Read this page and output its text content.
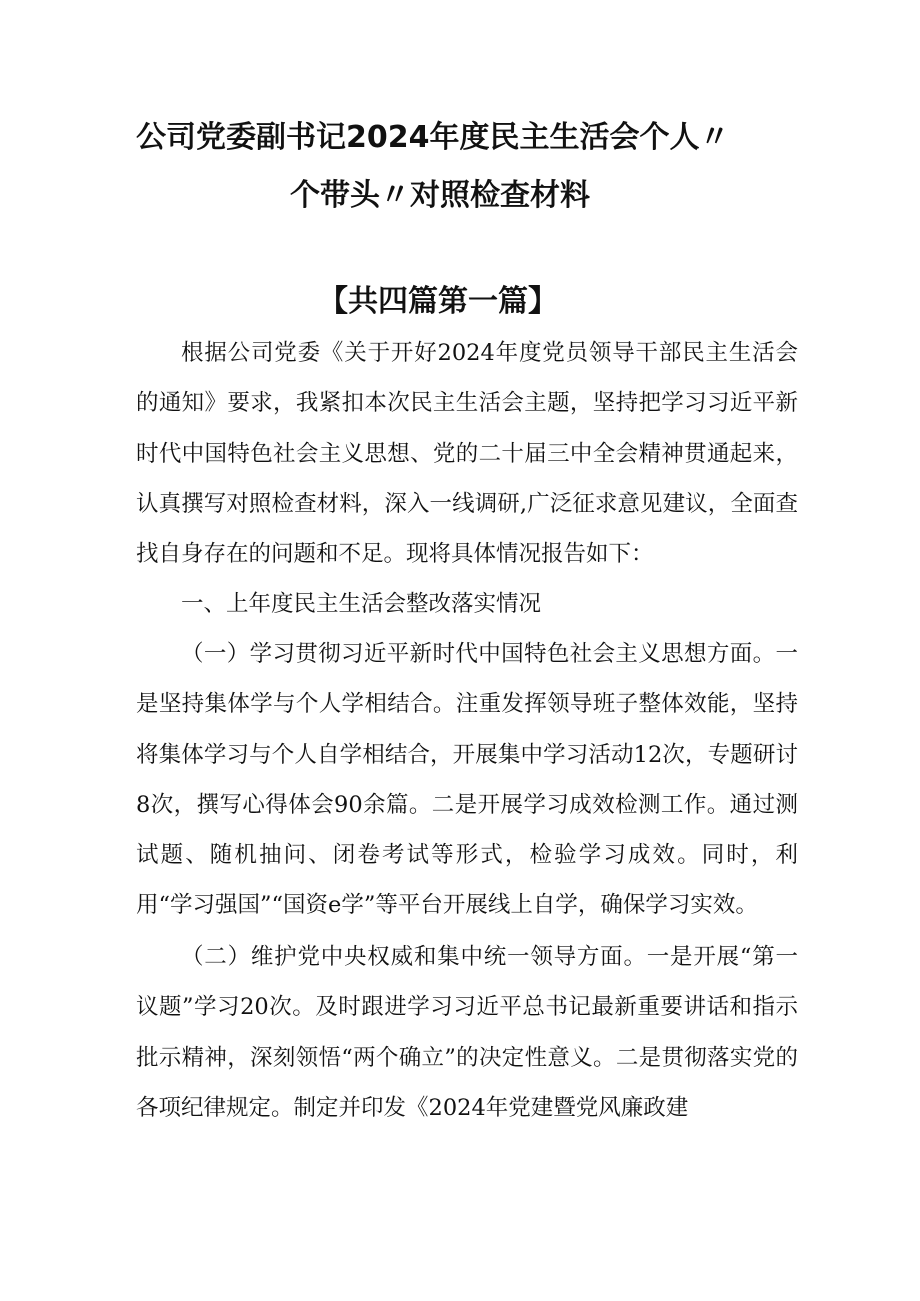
公司党委副书记2024年度民主生活会个人〃
个带头〃对照检查材料
【共四篇第一篇】

根据公司党委《关于开好2024年度党员领导干部民主生活会的通知》要求，我紧扣本次民主生活会主题，坚持把学习习近平新时代中国特色社会主义思想、党的二十届三中全会精神贯通起来，认真撰写对照检查材料，深入一线调研,广泛征求意见建议，全面查找自身存在的问题和不足。现将具体情况报告如下：

一、上年度民主生活会整改落实情况

（一）学习贯彻习近平新时代中国特色社会主义思想方面。一是坚持集体学与个人学相结合。注重发挥领导班子整体效能，坚持将集体学习与个人自学相结合，开展集中学习活动12次，专题研讨8次，撰写心得体会90余篇。二是开展学习成效检测工作。通过测试题、随机抽问、闭卷考试等形式，检验学习成效。同时，利用“学习强国”“国资e学”等平台开展线上自学，确保学习实效。

（二）维护党中央权威和集中统一领导方面。一是开展“第一议题”学习20次。及时跟进学习习近平总书记最新重要讲话和指示批示精神，深刻领悟“两个确立”的决定性意义。二是贯彻落实党的各项纪律规定。制定并印发《2024年党建暨党风廉政建
